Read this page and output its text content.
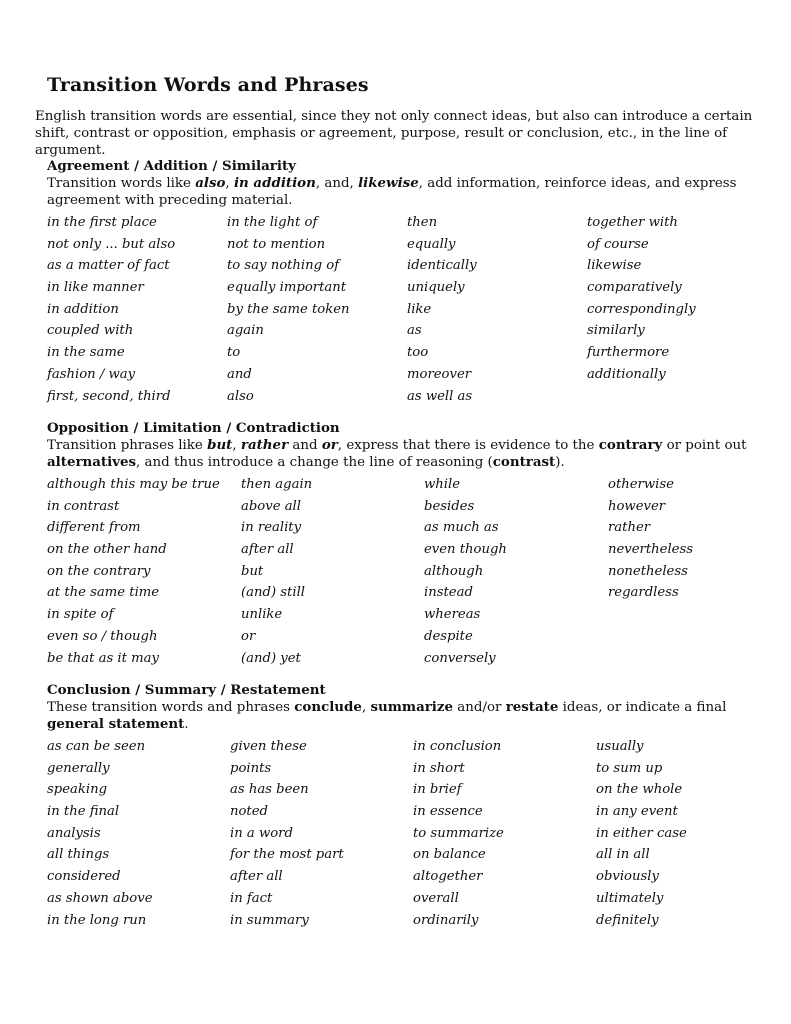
Transition Words and Phrases

English transition words are essential, since they not only connect ideas, but also can introduce a certain shift, contrast or opposition, emphasis or agreement, purpose, result or conclusion, etc., in the line of argument.

Agreement / Addition / Similarity

Transition words like also, in addition, and, likewise, add information, reinforce ideas, and express agreement with preceding material.

in the first place
not only ... but also
as a matter of fact
in like manner
in addition
coupled with
in the same
fashion / way
first, second, third
in the light of
not to mention
to say nothing of
equally important
by the same token
again
to
and
also
then
equally
identically
uniquely
like
as
too
moreover
as well as
together with
of course
likewise
comparatively
correspondingly
similarly
furthermore
additionally

Opposition / Limitation / Contradiction

Transition phrases like but, rather and or, express that there is evidence to the contrary or point out alternatives, and thus introduce a change the line of reasoning (contrast).

although this may be true
in contrast
different from
on the other hand
on the contrary
at the same time
in spite of
even so / though
be that as it may
then again
above all
in reality
after all
but
(and) still
unlike
or
(and) yet
while
besides
as much as
even though
although
instead
whereas
despite
conversely
otherwise
however
rather
nevertheless
nonetheless
regardless

Conclusion / Summary / Restatement

These transition words and phrases conclude, summarize and/or restate ideas, or indicate a final general statement.

as can be seen
generally
speaking
in the final
analysis
all things
considered
as shown above
in the long run
given these
points
as has been
noted
in a word
for the most part
after all
in fact
in summary
in conclusion
in short
in brief
in essence
to summarize
on balance
altogether
overall
ordinarily
usually
to sum up
on the whole
in any event
in either case
all in all
obviously
ultimately
definitely
